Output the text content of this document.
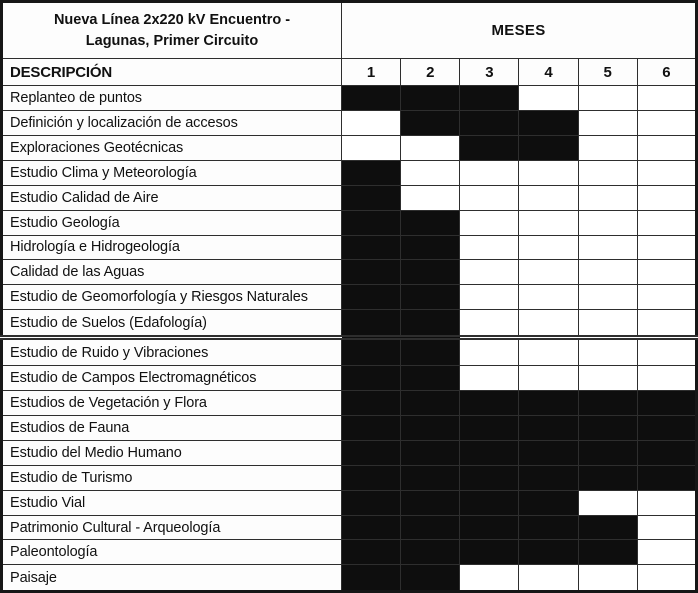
Nueva Línea 2x220 kV Encuentro - Lagunas, Primer Circuito	MESES					
DESCRIPCIÓN	1	2	3	4	5	6
Replanteo de puntos						
Definición y localización de accesos						
Exploraciones Geotécnicas						
Estudio Clima y Meteorología						
Estudio Calidad de Aire						
Estudio Geología						
Hidrología e Hidrogeología						
Calidad de las Aguas						
Estudio de Geomorfología y Riesgos Naturales						
Estudio de Suelos (Edafología)						
Estudio de Ruido y Vibraciones						
Estudio de Campos Electromagnéticos						
Estudios de Vegetación y Flora						
Estudios de Fauna						
Estudio del Medio Humano						
Estudio de Turismo						
Estudio Vial						
Patrimonio Cultural - Arqueología						
Paleontología						
Paisaje						
